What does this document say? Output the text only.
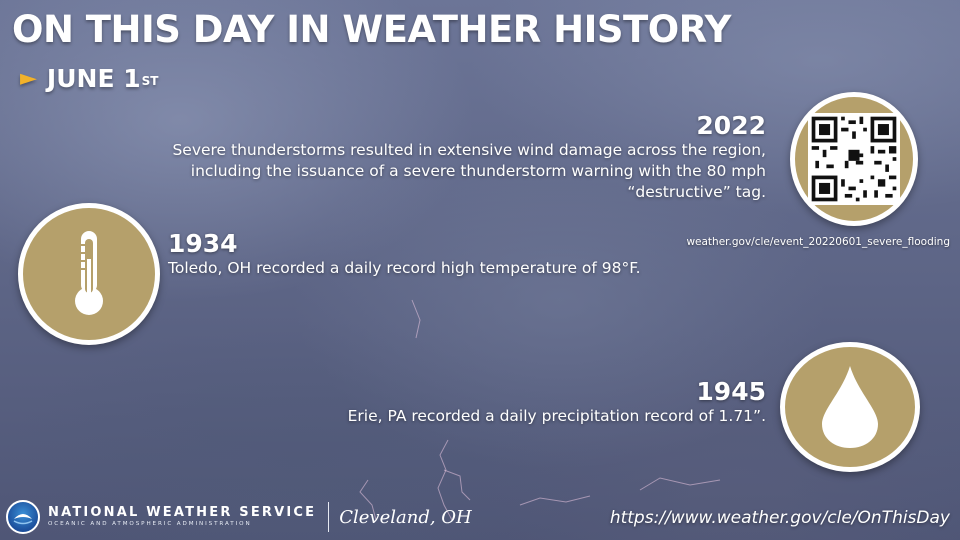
ON THIS DAY IN WEATHER HISTORY
► JUNE 1ST
2022
Severe thunderstorms resulted in extensive wind damage across the region, including the issuance of a severe thunderstorm warning with the 80 mph “destructive” tag.
weather.gov/cle/event_20220601_severe_flooding
1934
Toledo, OH recorded a daily record high temperature of 98°F.
1945
Erie, PA recorded a daily precipitation record of 1.71”.
NATIONAL WEATHER SERVICE
OCEANIC AND ATMOSPHERIC ADMINISTRATION	Cleveland, OH	https://www.weather.gov/cle/OnThisDay
